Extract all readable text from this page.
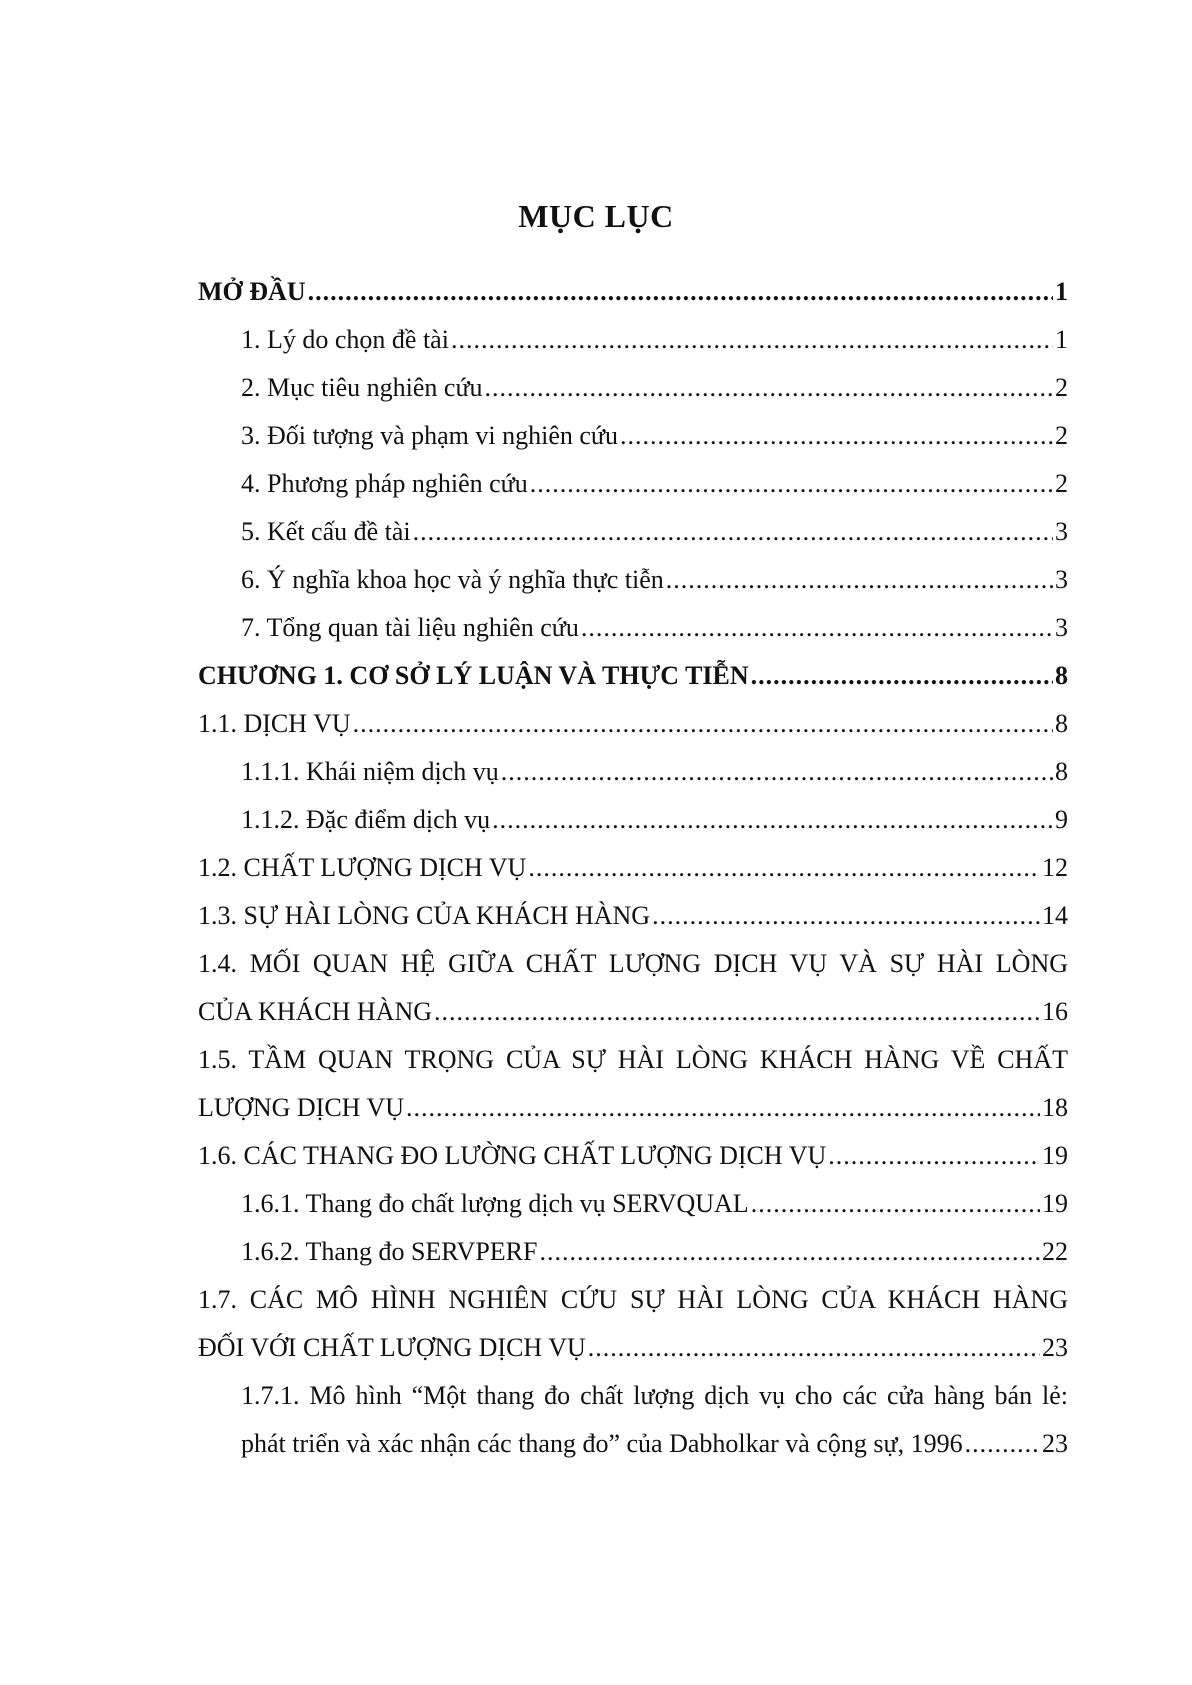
MỤC LỤC
MỞ ĐẦU .....	1
1. Lý do chọn đề tài .....	1
2. Mục tiêu nghiên cứu .....	2
3. Đối tượng và phạm vi nghiên cứu .....	2
4. Phương pháp nghiên cứu .....	2
5. Kết cấu đề tài .....	3
6. Ý nghĩa khoa học và ý nghĩa thực tiễn .....	3
7. Tổng quan tài liệu nghiên cứu .....	3
CHƯƠNG 1. CƠ SỞ LÝ LUẬN VÀ THỰC TIỄN .....	8
1.1. DỊCH VỤ .....	8
1.1.1. Khái niệm dịch vụ .....	8
1.1.2. Đặc điểm dịch vụ .....	9
1.2. CHẤT LƯỢNG DỊCH VỤ .....	12
1.3. SỰ HÀI LÒNG CỦA KHÁCH HÀNG .....	14
1.4. MỐI QUAN HỆ GIỮA CHẤT LƯỢNG DỊCH VỤ VÀ SỰ HÀI LÒNG
CỦA KHÁCH HÀNG .....	16
1.5. TẦM QUAN TRỌNG CỦA SỰ HÀI LÒNG KHÁCH HÀNG VỀ CHẤT
LƯỢNG DỊCH VỤ .....	18
1.6. CÁC THANG ĐO LƯỜNG CHẤT LƯỢNG DỊCH VỤ .....	19
1.6.1. Thang đo chất lượng dịch vụ SERVQUAL .....	19
1.6.2. Thang đo SERVPERF .....	22
1.7. CÁC MÔ HÌNH NGHIÊN CỨU SỰ HÀI LÒNG CỦA KHÁCH HÀNG
ĐỐI VỚI CHẤT LƯỢNG DỊCH VỤ .....	23
1.7.1. Mô hình “Một thang đo chất lượng dịch vụ cho các cửa hàng bán lẻ:
phát triển và xác nhận các thang đo” của Dabholkar và cộng sự, 1996 .....	23
